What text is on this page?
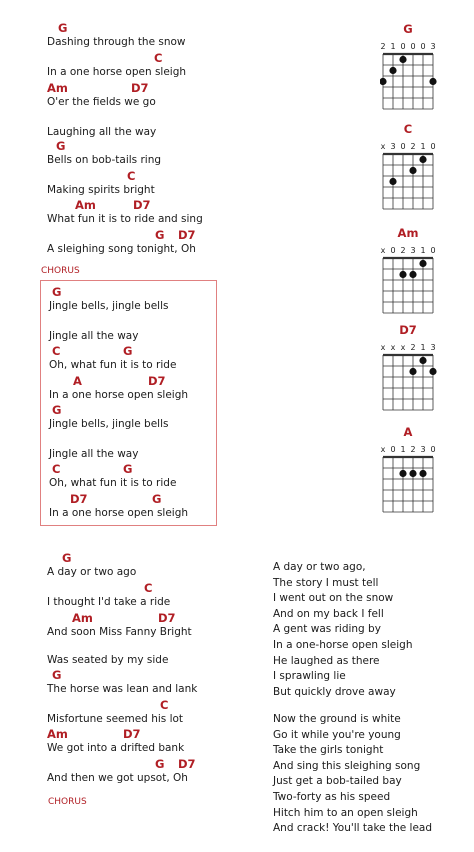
G
Dashing through the snow
C
In a one horse open sleigh
Am	D7
O'er the fields we go
Laughing all the way
G
Bells on bob-tails ring
C
Making spirits bright
Am	D7
What fun it is to ride and sing
G D7
A sleighing song tonight, Oh
G
Jingle bells, jingle bells
Jingle all the way
C	G
Oh, what fun it is to ride
A	D7
In a one horse open sleigh
G
Jingle bells, jingle bells
Jingle all the way
C	G
Oh, what fun it is to ride
D7	G
In a one horse open sleigh
G
A day or two ago
C
I thought I'd take a ride
Am	D7
And soon Miss Fanny Bright
Was seated by my side
G
The horse was lean and lank
C
Misfortune seemed his lot
Am	D7
We got into a drifted bank
G D7
And then we got upsot, Oh
CHORUS
CHORUS
A day or two ago,
The story I must tell
I went out on the snow
And on my back I fell
A gent was riding by
In a one-horse open sleigh
He laughed as there
I sprawling lie
But quickly drove away
Now the ground is white
Go it while you're young
Take the girls tonight
And sing this sleighing song
Just get a bob-tailed bay
Two-forty as his speed
Hitch him to an open sleigh
And crack! You'll take the lead
G
2 1 0 0 0 3
C
x 3 0 2 1 0
Am
x 0 2 3 1 0
D7
x x x 2 1 3
A
x 0 1 2 3 0
